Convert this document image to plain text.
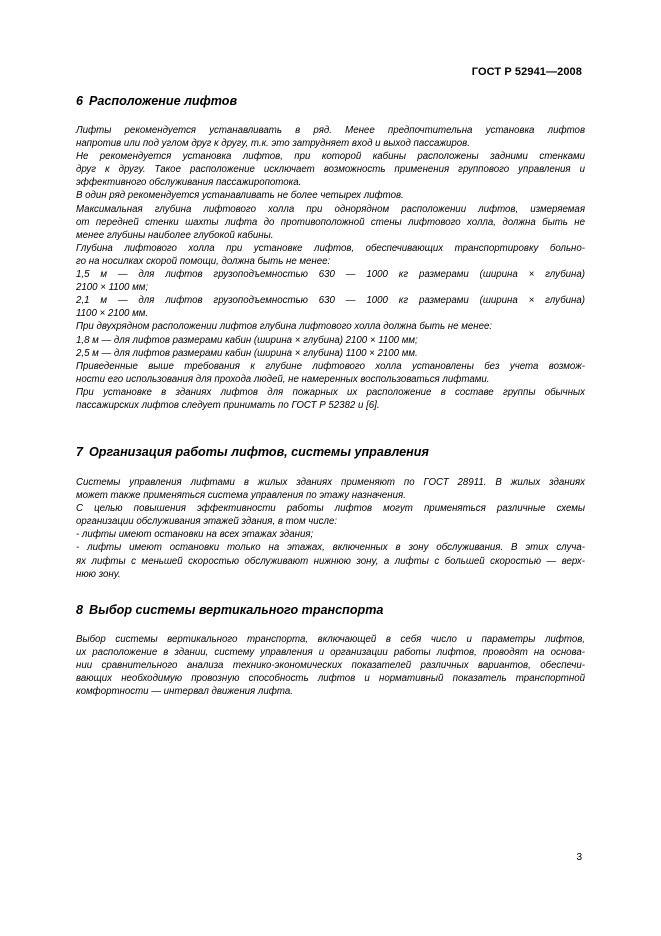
ГОСТ Р 52941—2008
6 Расположение лифтов
Лифты рекомендуется устанавливать в ряд. Менее предпочтительна установка лифтов
напротив или под углом друг к другу, т.к. это затрудняет вход и выход пассажиров.
Не рекомендуется установка лифтов, при которой кабины расположены задними стенками
друг к другу. Такое расположение исключает возможность применения группового управления и
эффективного обслуживания пассажиропотока.
В один ряд рекомендуется устанавливать не более четырех лифтов.
Максимальная глубина лифтового холла при однорядном расположении лифтов, измеряемая
от передней стенки шахты лифта до противоположной стены лифтового холла, должна быть не
менее глубины наиболее глубокой кабины.
Глубина лифтового холла при установке лифтов, обеспечивающих транспортировку больно-
го на носилках скорой помощи, должна быть не менее:
1,5 м — для лифтов грузоподъемностью 630 — 1000 кг размерами (ширина × глубина)
2100 × 1100 мм;
2,1 м — для лифтов грузоподъемностью 630 — 1000 кг размерами (ширина × глубина)
1100 × 2100 мм.
При двухрядном расположении лифтов глубина лифтового холла должна быть не менее:
1,8 м — для лифтов размерами кабин (ширина × глубина) 2100 × 1100 мм;
2,5 м — для лифтов размерами кабин (ширина × глубина) 1100 × 2100 мм.
Приведенные выше требования к глубине лифтового холла установлены без учета возмож-
ности его использования для прохода людей, не намеренных воспользоваться лифтами.
При установке в зданиях лифтов для пожарных их расположение в составе группы обычных
пассажирских лифтов следует принимать по ГОСТ Р 52382 и [6].
7 Организация работы лифтов, системы управления
Системы управления лифтами в жилых зданиях применяют по ГОСТ 28911. В жилых зданиях
может также применяться система управления по этажу назначения.
С целью повышения эффективности работы лифтов могут применяться различные схемы
организации обслуживания этажей здания, в том числе:
- лифты имеют остановки на всех этажах здания;
- лифты имеют остановки только на этажах, включенных в зону обслуживания. В этих случа-
ях лифты с меньшей скоростью обслуживают нижнюю зону, а лифты с большей скоростью — верх-
нюю зону.
8 Выбор системы вертикального транспорта
Выбор системы вертикального транспорта, включающей в себя число и параметры лифтов,
их расположение в здании, систему управления и организации работы лифтов, проводят на основа-
нии сравнительного анализа технико-экономических показателей различных вариантов, обеспечи-
вающих необходимую провозную способность лифтов и нормативный показатель транспортной
комфортности — интервал движения лифта.
3
